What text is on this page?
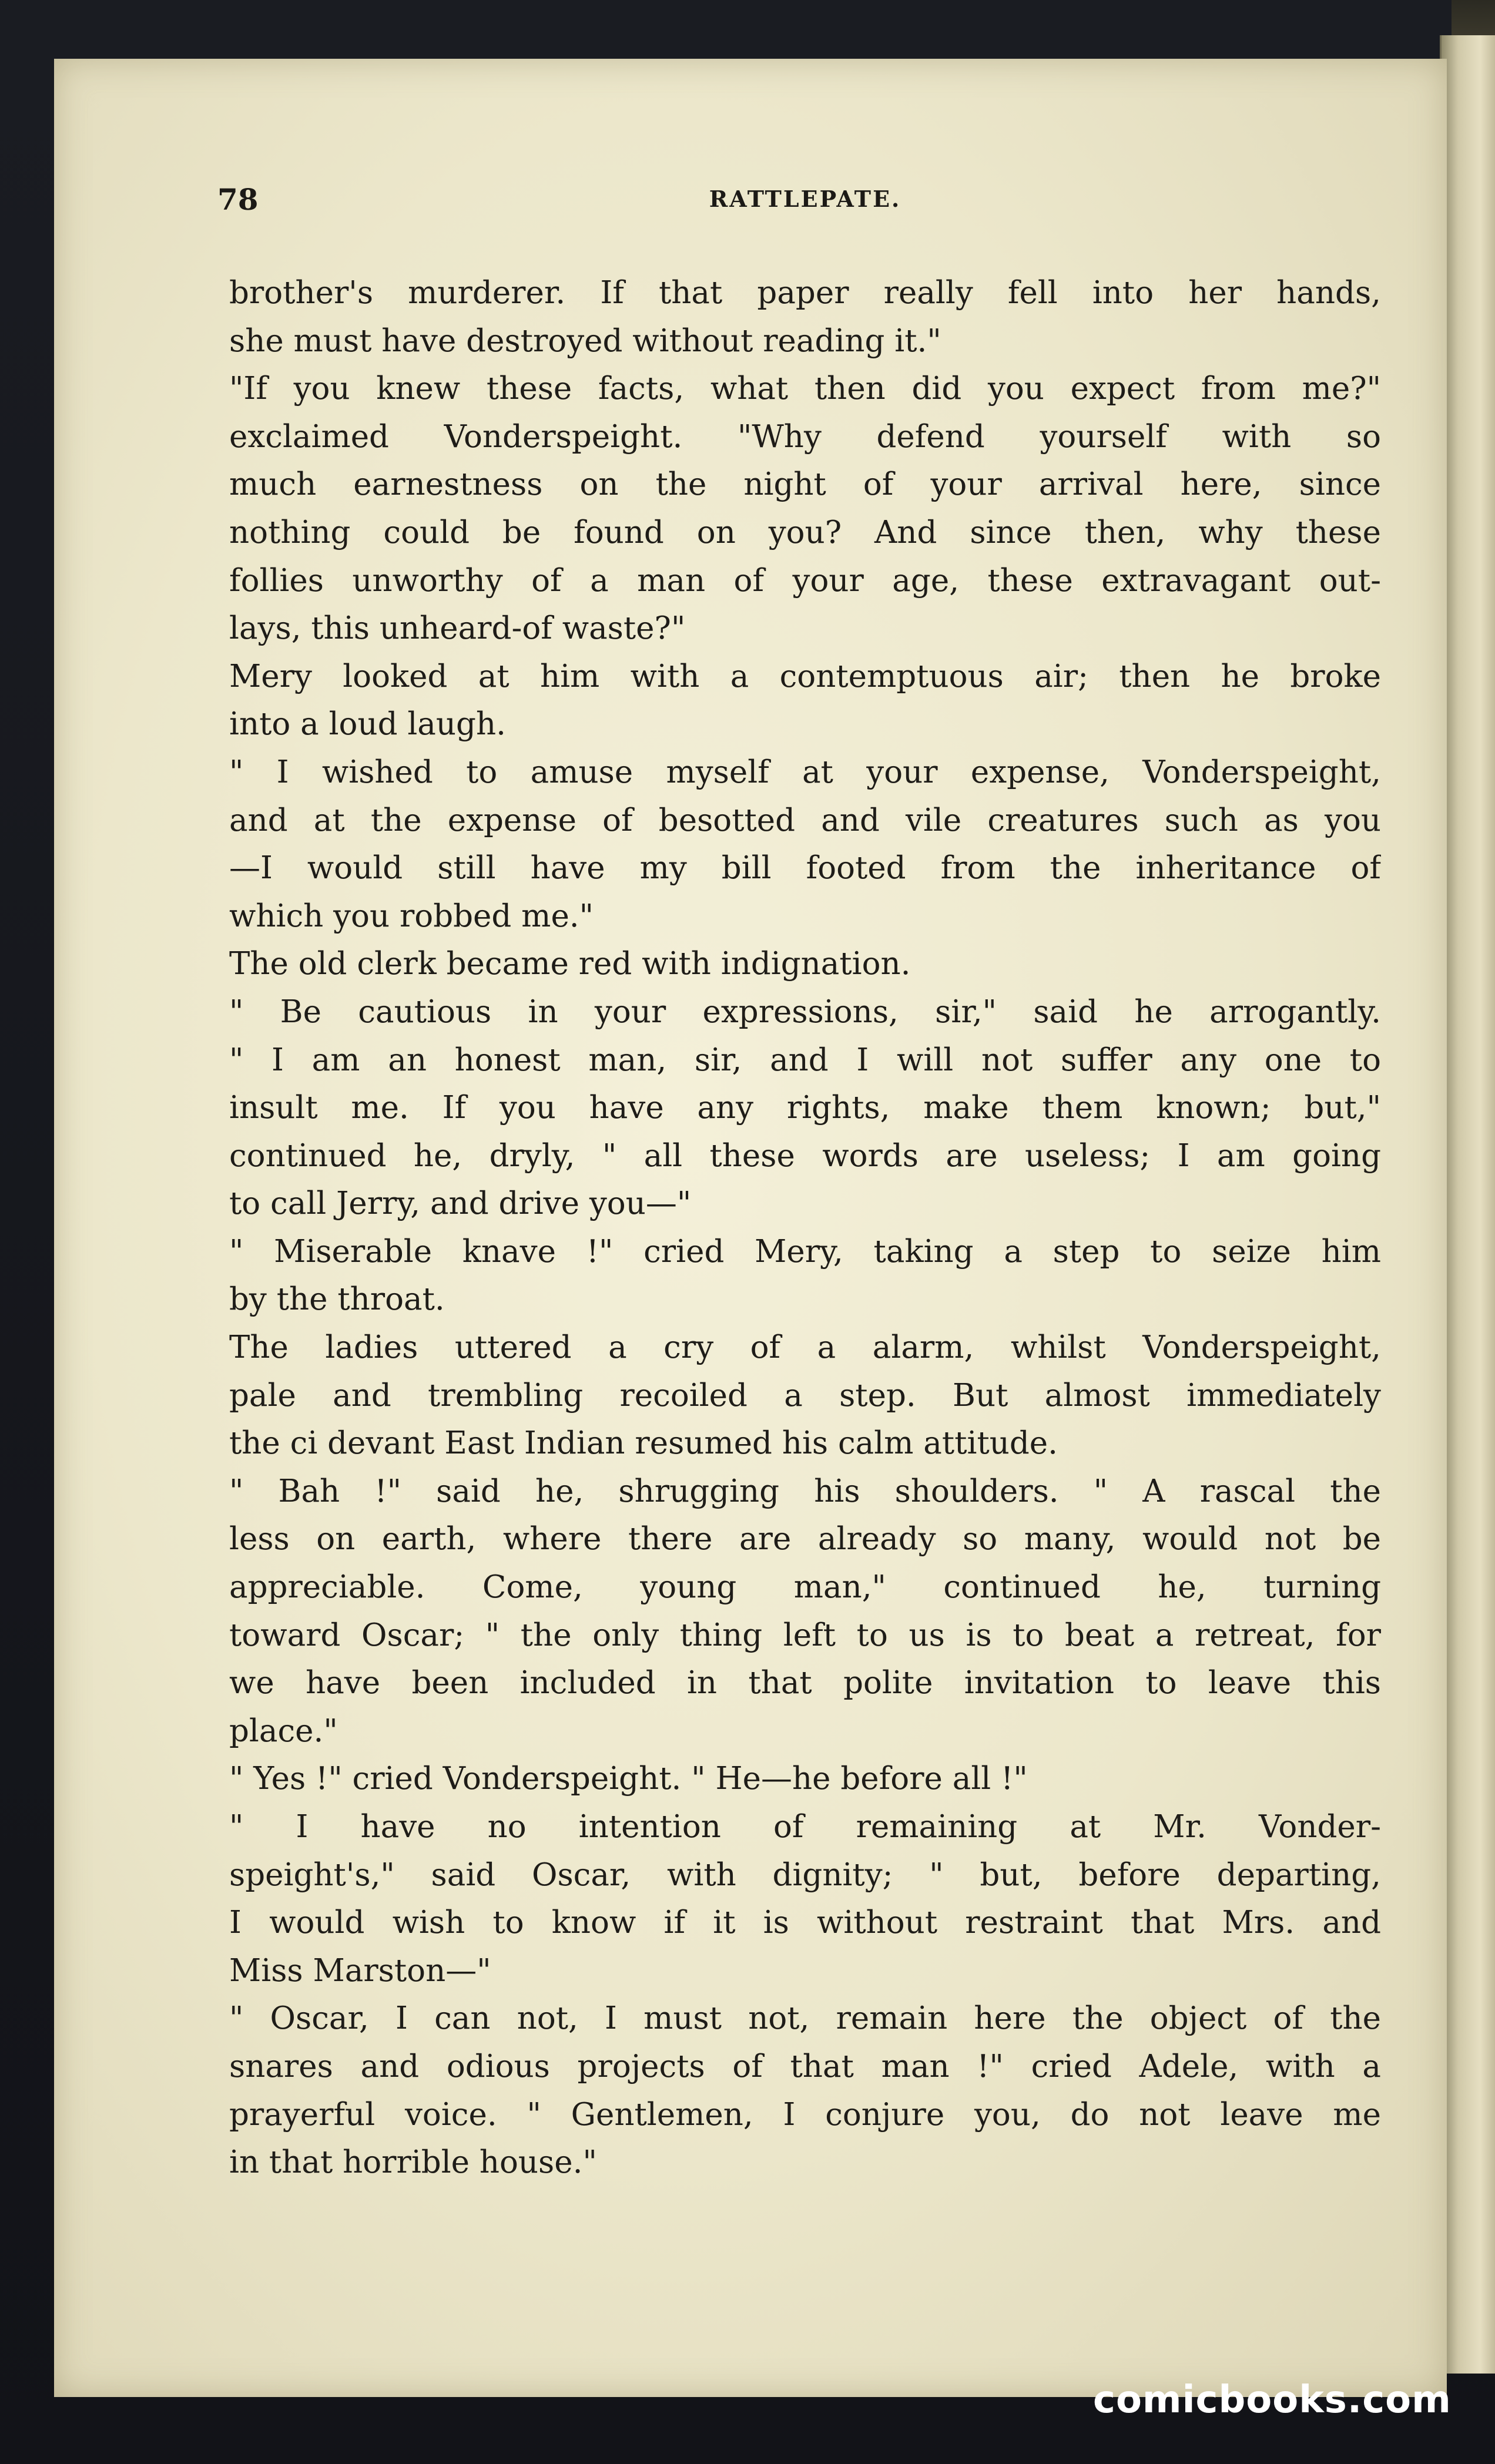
78	RATTLEPATE.
brother's murderer. If that paper really fell into her hands,
she must have destroyed without reading it."
"If you knew these facts, what then did you expect from me?"
exclaimed Vonderspeight. "Why defend yourself with so
much earnestness on the night of your arrival here, since
nothing could be found on you? And since then, why these
follies unworthy of a man of your age, these extravagant out-
lays, this unheard-of waste?"
Mery looked at him with a contemptuous air; then he broke
into a loud laugh.
" I wished to amuse myself at your expense, Vonderspeight,
and at the expense of besotted and vile creatures such as you
—I would still have my bill footed from the inheritance of
which you robbed me."
The old clerk became red with indignation.
" Be cautious in your expressions, sir," said he arrogantly.
" I am an honest man, sir, and I will not suffer any one to
insult me. If you have any rights, make them known; but,"
continued he, dryly, " all these words are useless; I am going
to call Jerry, and drive you—"
" Miserable knave !" cried Mery, taking a step to seize him
by the throat.
The ladies uttered a cry of a alarm, whilst Vonderspeight,
pale and trembling recoiled a step. But almost immediately
the ci devant East Indian resumed his calm attitude.
" Bah !" said he, shrugging his shoulders. " A rascal the
less on earth, where there are already so many, would not be
appreciable. Come, young man," continued he, turning
toward Oscar; " the only thing left to us is to beat a retreat, for
we have been included in that polite invitation to leave this
place."
" Yes !" cried Vonderspeight. " He—he before all !"
" I have no intention of remaining at Mr. Vonder-
speight's," said Oscar, with dignity; " but, before departing,
I would wish to know if it is without restraint that Mrs. and
Miss Marston—"
" Oscar, I can not, I must not, remain here the object of the
snares and odious projects of that man !" cried Adele, with a
prayerful voice. " Gentlemen, I conjure you, do not leave me
in that horrible house."
comicbooks.com
